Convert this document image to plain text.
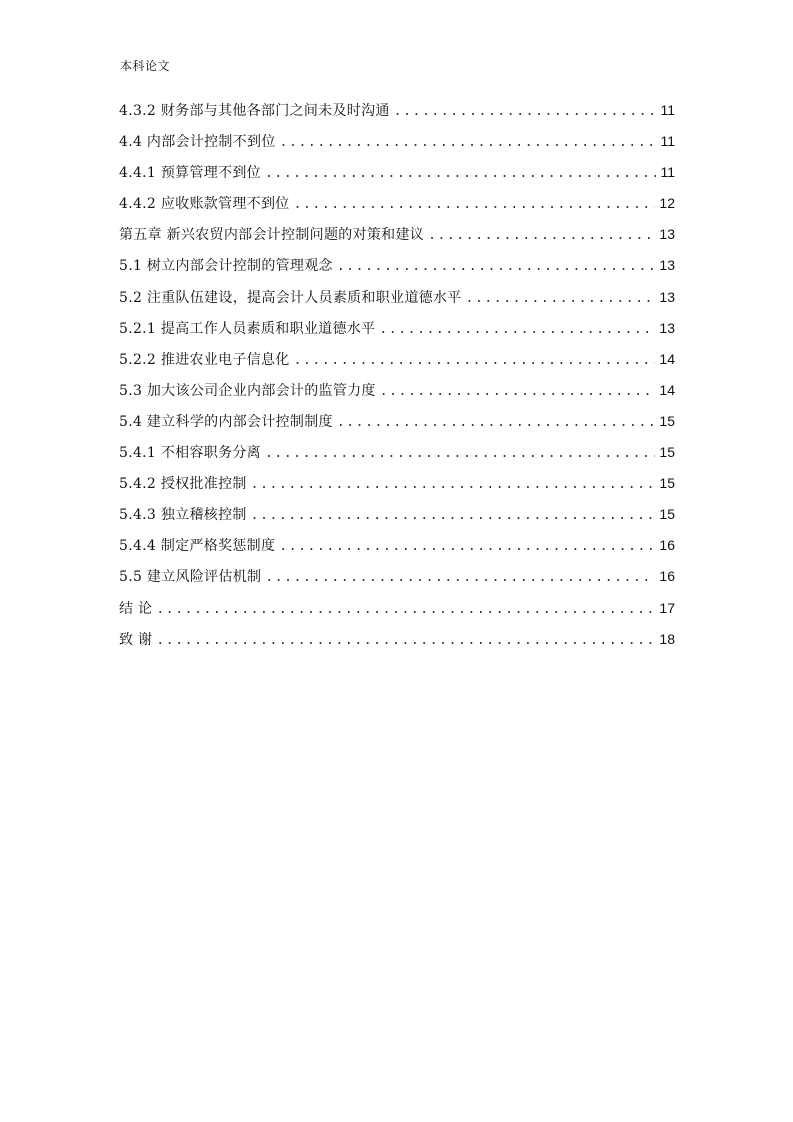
本科论文
4.3.2 财务部与其他各部门之间未及时沟通 .....	11
4.4 内部会计控制不到位 .....	11
4.4.1 预算管理不到位 .....	11
4.4.2 应收账款管理不到位 .....	12
第五章 新兴农贸内部会计控制问题的对策和建议 .....	13
5.1 树立内部会计控制的管理观念 .....	13
5.2 注重队伍建设，提高会计人员素质和职业道德水平 .....	13
5.2.1 提高工作人员素质和职业道德水平 .....	13
5.2.2 推进农业电子信息化 .....	14
5.3 加大该公司企业内部会计的监管力度 .....	14
5.4 建立科学的内部会计控制制度 .....	15
5.4.1 不相容职务分离 .....	15
5.4.2 授权批准控制 .....	15
5.4.3 独立稽核控制 .....	15
5.4.4 制定严格奖惩制度 .....	16
5.5 建立风险评估机制 .....	16
结 论 .....	17
致 谢 .....	18
